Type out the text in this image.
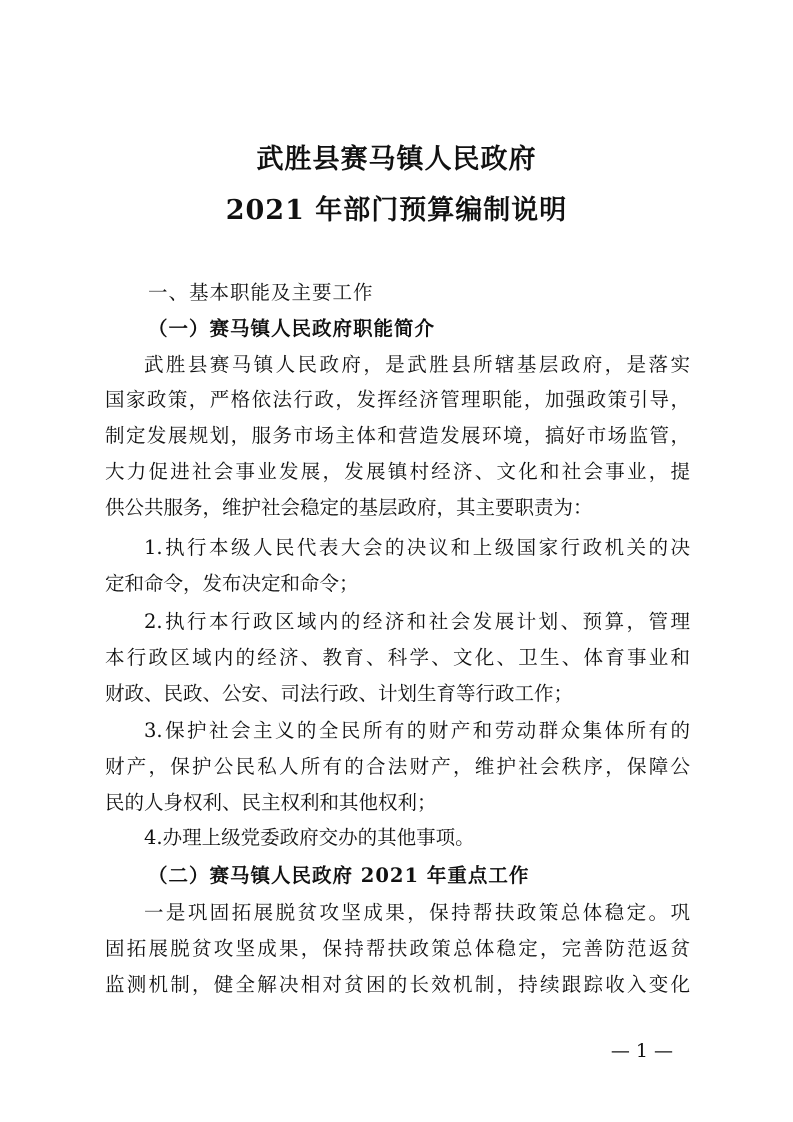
武胜县赛马镇人民政府
2021 年部门预算编制说明
一、基本职能及主要工作
（一）赛马镇人民政府职能简介
武胜县赛马镇人民政府，是武胜县所辖基层政府，是落实
国家政策，严格依法行政，发挥经济管理职能，加强政策引导，
制定发展规划，服务市场主体和营造发展环境，搞好市场监管，
大力促进社会事业发展，发展镇村经济、文化和社会事业，提
供公共服务，维护社会稳定的基层政府，其主要职责为：
1.执行本级人民代表大会的决议和上级国家行政机关的决
定和命令，发布决定和命令；
2.执行本行政区域内的经济和社会发展计划、预算，管理
本行政区域内的经济、教育、科学、文化、卫生、体育事业和
财政、民政、公安、司法行政、计划生育等行政工作；
3.保护社会主义的全民所有的财产和劳动群众集体所有的
财产，保护公民私人所有的合法财产，维护社会秩序，保障公
民的人身权利、民主权利和其他权利；
4.办理上级党委政府交办的其他事项。
（二）赛马镇人民政府 2021 年重点工作
一是巩固拓展脱贫攻坚成果，保持帮扶政策总体稳定。巩
固拓展脱贫攻坚成果，保持帮扶政策总体稳定，完善防范返贫
监测机制，健全解决相对贫困的长效机制，持续跟踪收入变化
— 1 —
